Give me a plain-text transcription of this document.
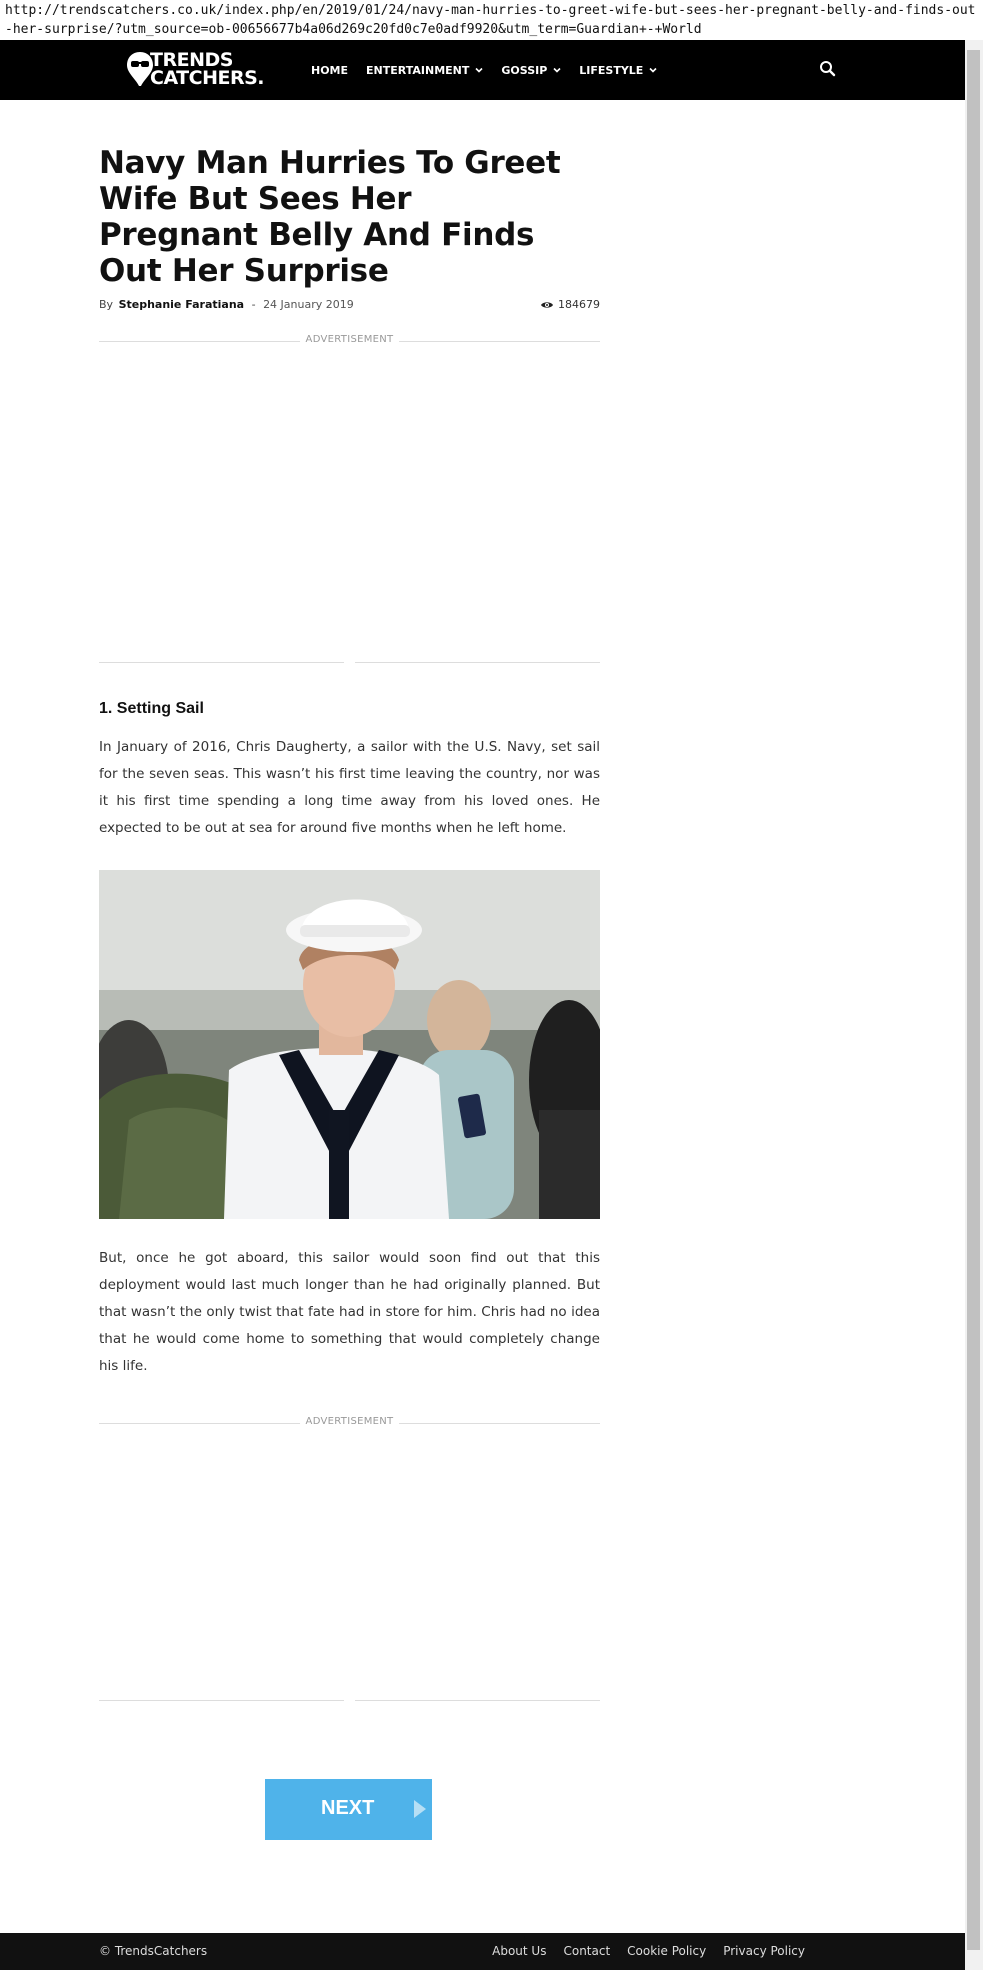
http://trendscatchers.co.uk/index.php/en/2019/01/24/navy-man-hurries-to-greet-wife-but-sees-her-pregnant-belly-and-finds-out-her-surprise/?utm_source=ob-00656677b4a06d269c20fd0c7e0adf9920&utm_term=Guardian+-+World
TRENDS
CATCHERS.	HOME ENTERTAINMENT	GOSSIP	LIFESTYLE
Navy Man Hurries To Greet Wife But Sees Her Pregnant Belly And Finds Out Her Surprise
By Stephanie Faratiana - 24 January 2019	184679
ADVERTISEMENT
1. Setting Sail

In January of 2016, Chris Daugherty, a sailor with the U.S. Navy, set sail for the seven seas. This wasn’t his first time leaving the country, nor was it his first time spending a long time away from his loved ones. He expected to be out at sea for around five months when he left home.

But, once he got aboard, this sailor would soon find out that this deployment would last much longer than he had originally planned. But that wasn’t the only twist that fate had in store for him. Chris had no idea that he would come home to something that would completely change his life.

ADVERTISEMENT
NEXT
© TrendsCatchers	About Us Contact Cookie Policy Privacy Policy
